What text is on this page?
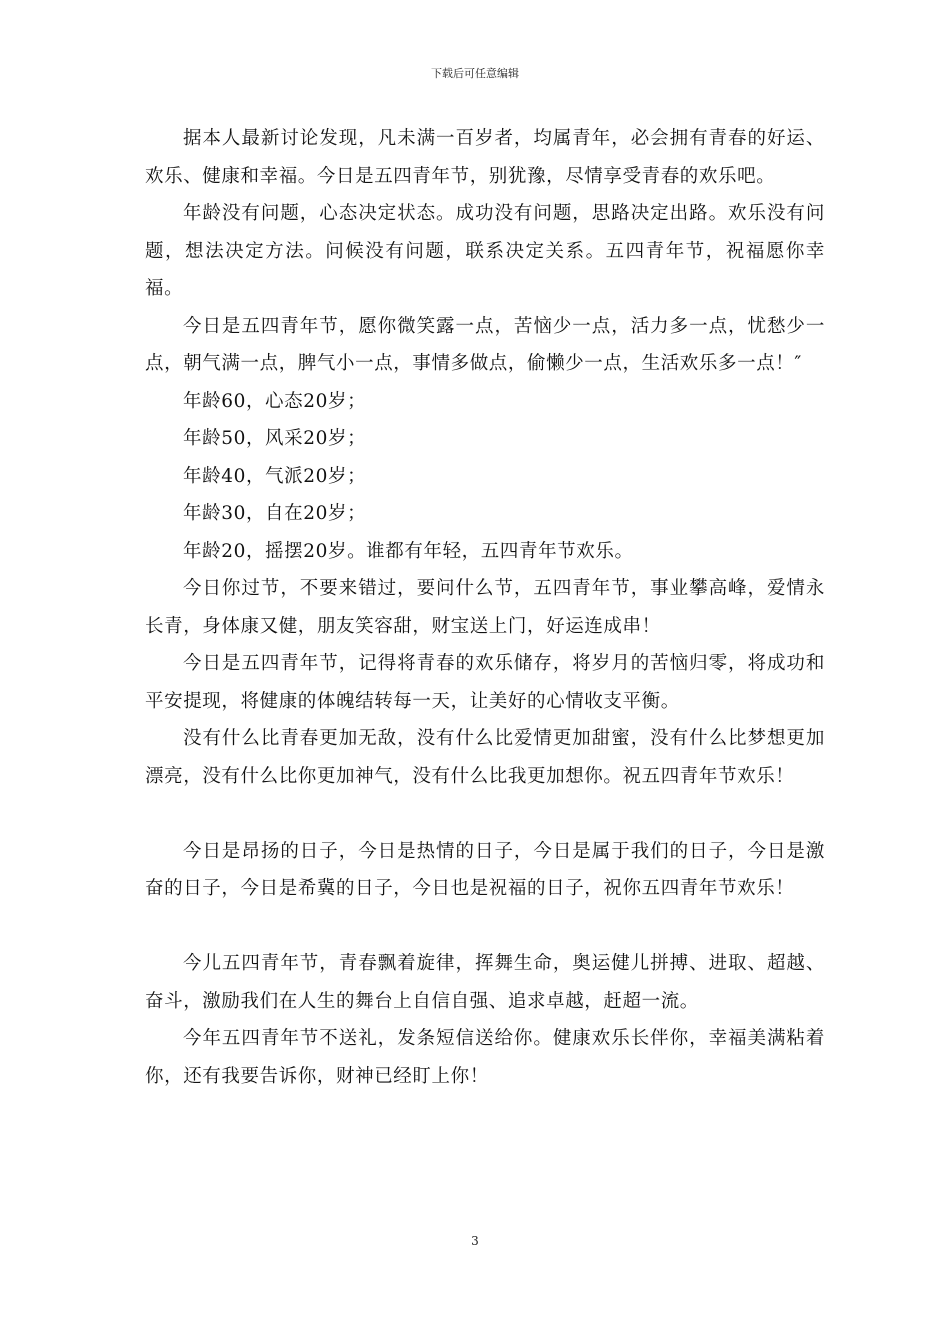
下载后可任意编辑

据本人最新讨论发现，凡未满一百岁者，均属青年，必会拥有青春的好运、欢乐、健康和幸福。今日是五四青年节，别犹豫，尽情享受青春的欢乐吧。

年龄没有问题，心态决定状态。成功没有问题，思路决定出路。欢乐没有问题，想法决定方法。问候没有问题，联系决定关系。五四青年节，祝福愿你幸福。

今日是五四青年节，愿你微笑露一点，苦恼少一点，活力多一点，忧愁少一点，朝气满一点，脾气小一点，事情多做点，偷懒少一点，生活欢乐多一点！″

年龄60，心态20岁；

年龄50，风采20岁；

年龄40，气派20岁；

年龄30，自在20岁；

年龄20，摇摆20岁。谁都有年轻，五四青年节欢乐。

今日你过节，不要来错过，要问什么节，五四青年节，事业攀高峰，爱情永长青，身体康又健，朋友笑容甜，财宝送上门，好运连成串！

今日是五四青年节，记得将青春的欢乐储存，将岁月的苦恼归零，将成功和平安提现，将健康的体魄结转每一天，让美好的心情收支平衡。

没有什么比青春更加无敌，没有什么比爱情更加甜蜜，没有什么比梦想更加漂亮，没有什么比你更加神气，没有什么比我更加想你。祝五四青年节欢乐！

今日是昂扬的日子，今日是热情的日子，今日是属于我们的日子，今日是激奋的日子，今日是希冀的日子，今日也是祝福的日子，祝你五四青年节欢乐！

今儿五四青年节，青春飘着旋律，挥舞生命，奥运健儿拼搏、进取、超越、奋斗，激励我们在人生的舞台上自信自强、追求卓越，赶超一流。

今年五四青年节不送礼，发条短信送给你。健康欢乐长伴你，幸福美满粘着你，还有我要告诉你，财神已经盯上你！

3
